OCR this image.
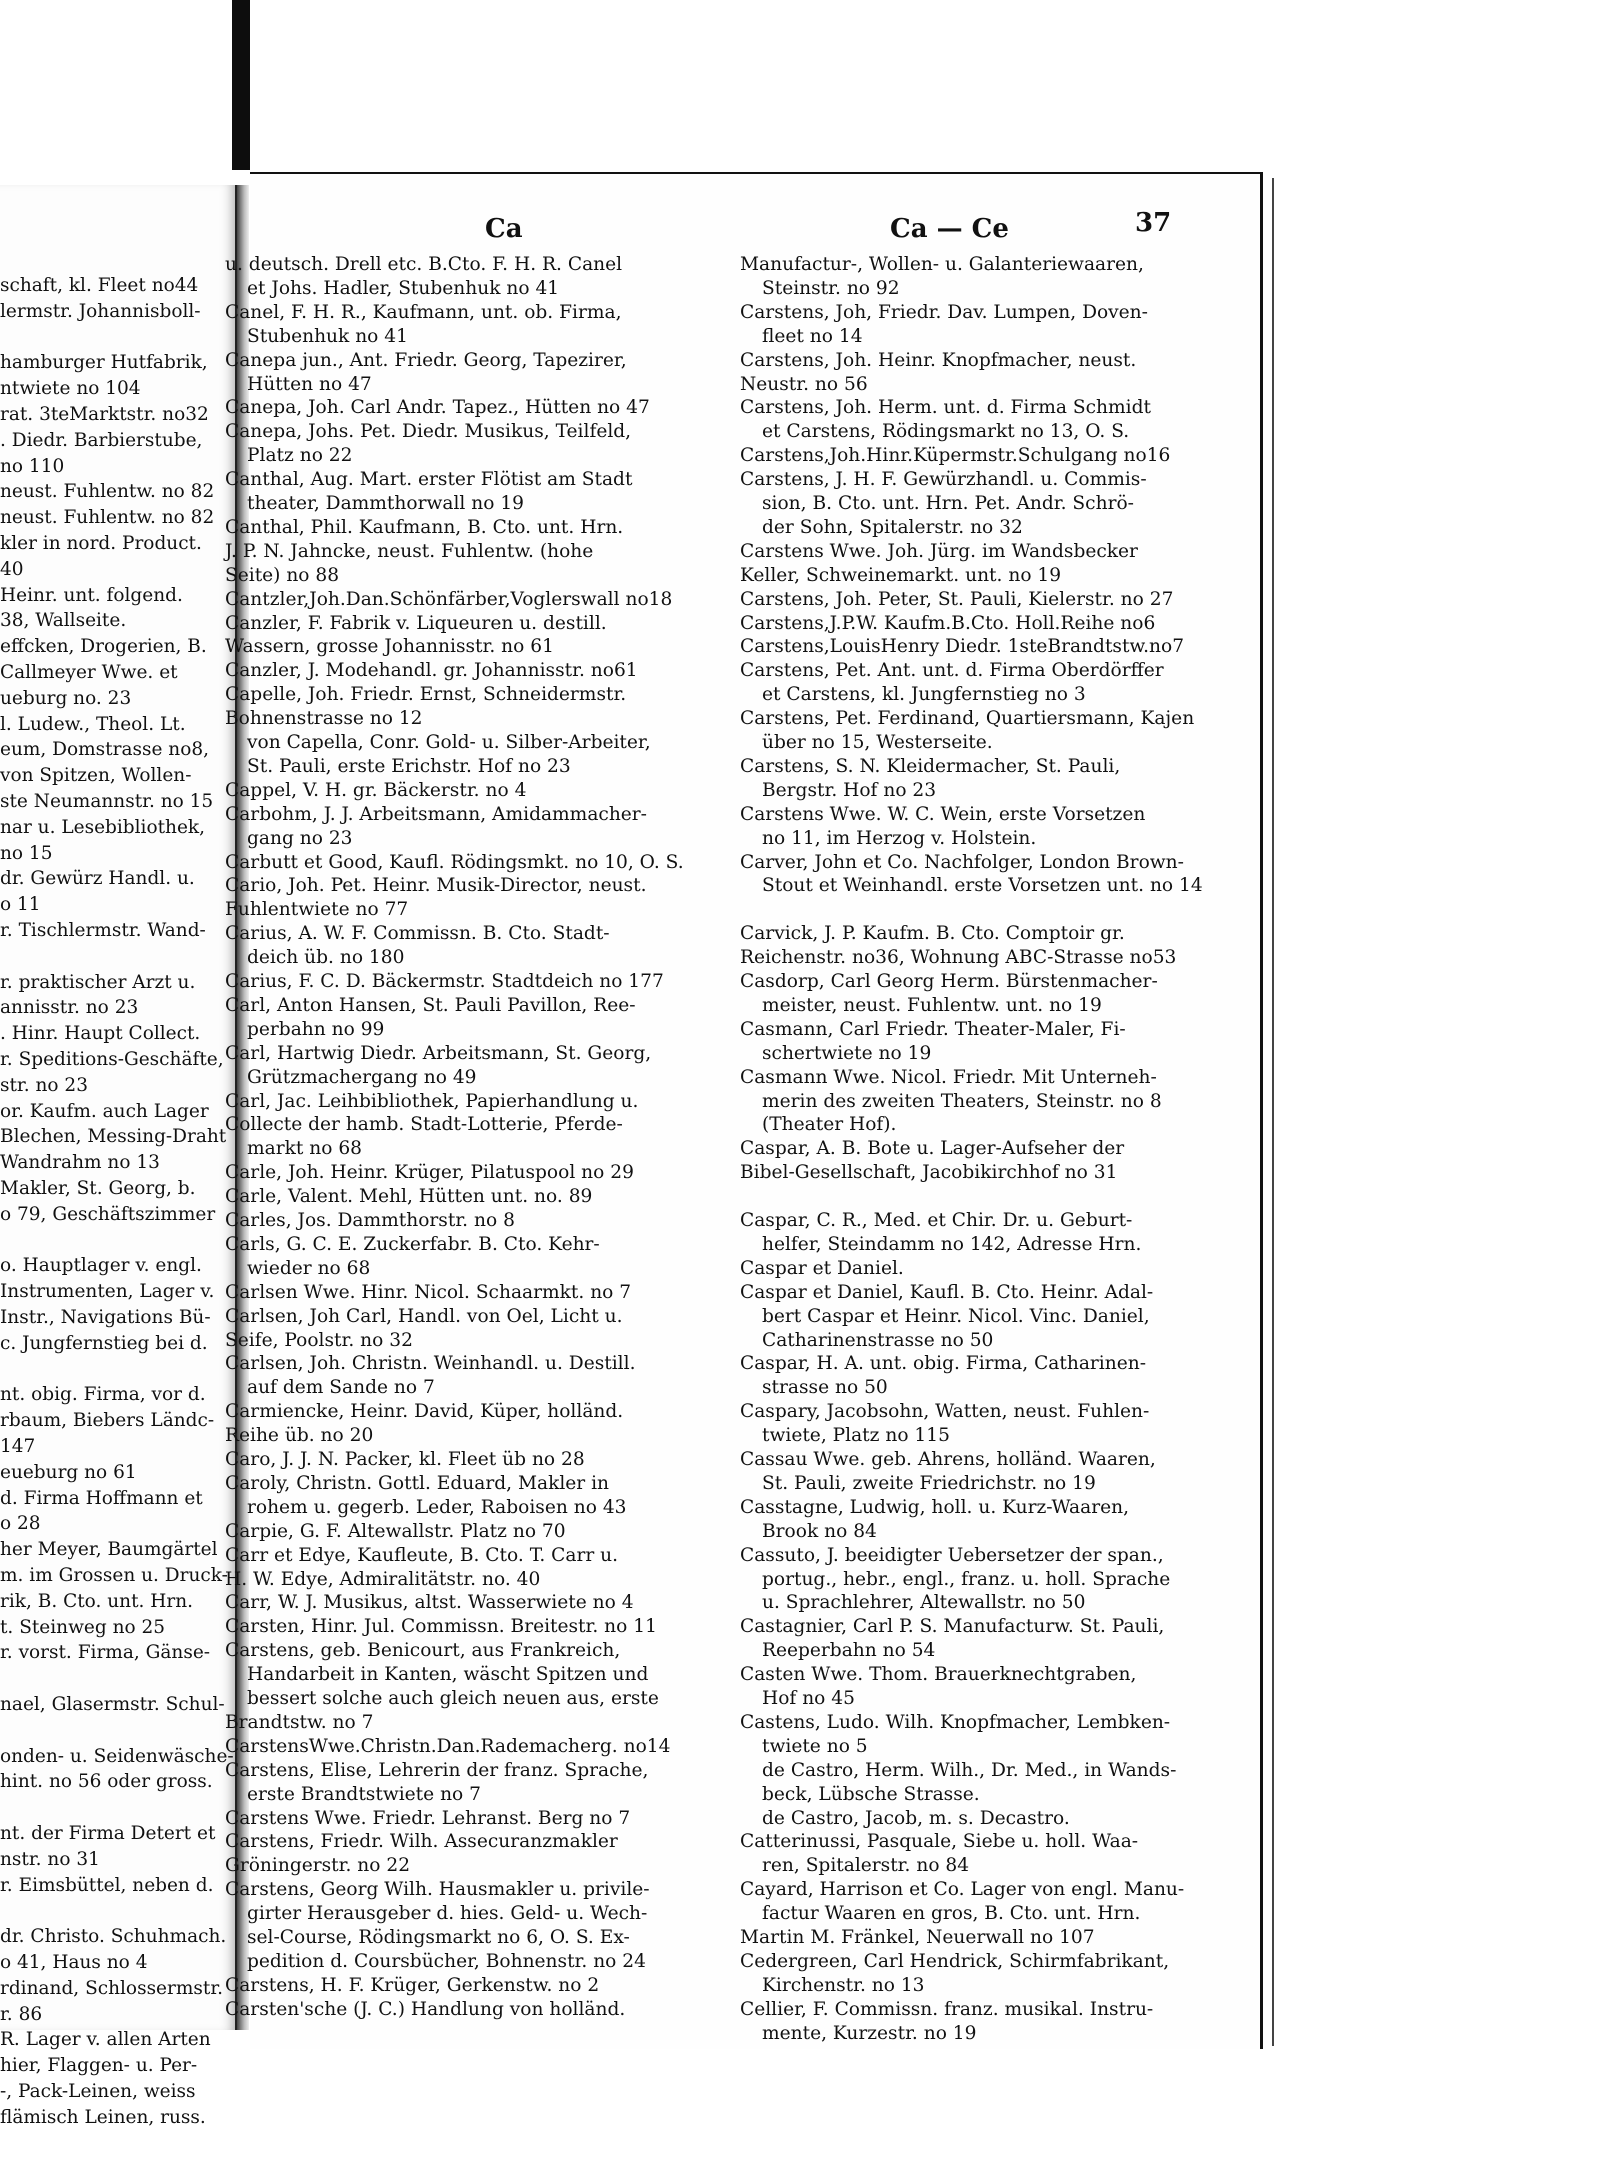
schaft, kl. Fleet no44
lermstr. Johannisboll-
hamburger Hutfabrik,
ntwiete no 104
rat. 3teMarktstr. no32
. Diedr. Barbierstube,
no 110
neust. Fuhlentw. no 82
neust. Fuhlentw. no 82
kler in nord. Product.
40
Heinr. unt. folgend.
38, Wallseite.
effcken, Drogerien, B.
Callmeyer Wwe. et
ueburg no. 23
l. Ludew., Theol. Lt.
eum, Domstrasse no8,
von Spitzen, Wollen-
ste Neumannstr. no 15
nar u. Lesebibliothek,
no 15
dr. Gewürz Handl. u.
o 11
r. Tischlermstr. Wand-
r. praktischer Arzt u.
annisstr. no 23
. Hinr. Haupt Collect.
r. Speditions-Geschäfte,
str. no 23
or. Kaufm. auch Lager
Blechen, Messing-Draht
Wandrahm no 13
Makler, St. Georg, b.
o 79, Geschäftszimmer
o. Hauptlager v. engl.
Instrumenten, Lager v.
Instr., Navigations Bü-
c. Jungfernstieg bei d.
nt. obig. Firma, vor d.
rbaum, Biebers Ländc-
147
eueburg no 61
d. Firma Hoffmann et
o 28
her Meyer, Baumgärtel
m. im Grossen u. Druck-
rik, B. Cto. unt. Hrn.
t. Steinweg no 25
r. vorst. Firma, Gänse-
nael, Glasermstr. Schul-
onden- u. Seidenwäsche-
hint. no 56 oder gross.
nt. der Firma Detert et
nstr. no 31
r. Eimsbüttel, neben d.
dr. Christo. Schuhmach.
o 41, Haus no 4
rdinand, Schlossermstr.
r. 86
R. Lager v. allen Arten
hier, Flaggen- u. Per-
-, Pack-Leinen, weiss
flämisch Leinen, russ.
Ca	Ca — Ce	37
u. deutsch. Drell etc. B.Cto. F. H. R. Canel
et Johs. Hadler, Stubenhuk no 41
Canel, F. H. R., Kaufmann, unt. ob. Firma,
Stubenhuk no 41
Canepa jun., Ant. Friedr. Georg, Tapezirer,
Hütten no 47
Canepa, Joh. Carl Andr. Tapez., Hütten no 47
Canepa, Johs. Pet. Diedr. Musikus, Teilfeld,
Platz no 22
Canthal, Aug. Mart. erster Flötist am Stadt
theater, Dammthorwall no 19
Canthal, Phil. Kaufmann, B. Cto. unt. Hrn.
J. P. N. Jahncke, neust. Fuhlentw. (hohe
Seite) no 88
Cantzler,Joh.Dan.Schönfärber,Voglerswall no18
Canzler, F. Fabrik v. Liqueuren u. destill.
Wassern, grosse Johannisstr. no 61
Canzler, J. Modehandl. gr. Johannisstr. no61
Capelle, Joh. Friedr. Ernst, Schneidermstr.
Bohnenstrasse no 12
von Capella, Conr. Gold- u. Silber-Arbeiter,
St. Pauli, erste Erichstr. Hof no 23
Cappel, V. H. gr. Bäckerstr. no 4
Carbohm, J. J. Arbeitsmann, Amidammacher-
gang no 23
Carbutt et Good, Kaufl. Rödingsmkt. no 10, O. S.
Cario, Joh. Pet. Heinr. Musik-Director, neust.
Fuhlentwiete no 77
Carius, A. W. F. Commissn. B. Cto. Stadt-
deich üb. no 180
Carius, F. C. D. Bäckermstr. Stadtdeich no 177
Carl, Anton Hansen, St. Pauli Pavillon, Ree-
perbahn no 99
Carl, Hartwig Diedr. Arbeitsmann, St. Georg,
Grützmachergang no 49
Carl, Jac. Leihbibliothek, Papierhandlung u.
Collecte der hamb. Stadt-Lotterie, Pferde-
markt no 68
Carle, Joh. Heinr. Krüger, Pilatuspool no 29
Carle, Valent. Mehl, Hütten unt. no. 89
Carles, Jos. Dammthorstr. no 8
Carls, G. C. E. Zuckerfabr. B. Cto. Kehr-
wieder no 68
Carlsen Wwe. Hinr. Nicol. Schaarmkt. no 7
Carlsen, Joh Carl, Handl. von Oel, Licht u.
Seife, Poolstr. no 32
Carlsen, Joh. Christn. Weinhandl. u. Destill.
auf dem Sande no 7
Carmiencke, Heinr. David, Küper, holländ.
Reihe üb. no 20
Caro, J. J. N. Packer, kl. Fleet üb no 28
Caroly, Christn. Gottl. Eduard, Makler in
rohem u. gegerb. Leder, Raboisen no 43
Carpie, G. F. Altewallstr. Platz no 70
Carr et Edye, Kaufleute, B. Cto. T. Carr u.
H. W. Edye, Admiralitätstr. no. 40
Carr, W. J. Musikus, altst. Wasserwiete no 4
Carsten, Hinr. Jul. Commissn. Breitestr. no 11
Carstens, geb. Benicourt, aus Frankreich,
Handarbeit in Kanten, wäscht Spitzen und
bessert solche auch gleich neuen aus, erste
Brandtstw. no 7
CarstensWwe.Christn.Dan.Rademacherg. no14
Carstens, Elise, Lehrerin der franz. Sprache,
erste Brandtstwiete no 7
Carstens Wwe. Friedr. Lehranst. Berg no 7
Carstens, Friedr. Wilh. Assecuranzmakler
Gröningerstr. no 22
Carstens, Georg Wilh. Hausmakler u. privile-
girter Herausgeber d. hies. Geld- u. Wech-
sel-Course, Rödingsmarkt no 6, O. S. Ex-
pedition d. Coursbücher, Bohnenstr. no 24
Carstens, H. F. Krüger, Gerkenstw. no 2
Carsten'sche (J. C.) Handlung von holländ.
Manufactur-, Wollen- u. Galanteriewaaren,
Steinstr. no 92
Carstens, Joh, Friedr. Dav. Lumpen, Doven-
fleet no 14
Carstens, Joh. Heinr. Knopfmacher, neust.
Neustr. no 56
Carstens, Joh. Herm. unt. d. Firma Schmidt
et Carstens, Rödingsmarkt no 13, O. S.
Carstens,Joh.Hinr.Küpermstr.Schulgang no16
Carstens, J. H. F. Gewürzhandl. u. Commis-
sion, B. Cto. unt. Hrn. Pet. Andr. Schrö-
der Sohn, Spitalerstr. no 32
Carstens Wwe. Joh. Jürg. im Wandsbecker
Keller, Schweinemarkt. unt. no 19
Carstens, Joh. Peter, St. Pauli, Kielerstr. no 27
Carstens,J.P.W. Kaufm.B.Cto. Holl.Reihe no6
Carstens,LouisHenry Diedr. 1steBrandtstw.no7
Carstens, Pet. Ant. unt. d. Firma Oberdörffer
et Carstens, kl. Jungfernstieg no 3
Carstens, Pet. Ferdinand, Quartiersmann, Kajen
über no 15, Westerseite.
Carstens, S. N. Kleidermacher, St. Pauli,
Bergstr. Hof no 23
Carstens Wwe. W. C. Wein, erste Vorsetzen
no 11, im Herzog v. Holstein.
Carver, John et Co. Nachfolger, London Brown-
Stout et Weinhandl. erste Vorsetzen unt. no 14
Carvick, J. P. Kaufm. B. Cto. Comptoir gr.
Reichenstr. no36, Wohnung ABC-Strasse no53
Casdorp, Carl Georg Herm. Bürstenmacher-
meister, neust. Fuhlentw. unt. no 19
Casmann, Carl Friedr. Theater-Maler, Fi-
schertwiete no 19
Casmann Wwe. Nicol. Friedr. Mit Unterneh-
merin des zweiten Theaters, Steinstr. no 8
(Theater Hof).
Caspar, A. B. Bote u. Lager-Aufseher der
Bibel-Gesellschaft, Jacobikirchhof no 31
Caspar, C. R., Med. et Chir. Dr. u. Geburt-
helfer, Steindamm no 142, Adresse Hrn.
Caspar et Daniel.
Caspar et Daniel, Kaufl. B. Cto. Heinr. Adal-
bert Caspar et Heinr. Nicol. Vinc. Daniel,
Catharinenstrasse no 50
Caspar, H. A. unt. obig. Firma, Catharinen-
strasse no 50
Caspary, Jacobsohn, Watten, neust. Fuhlen-
twiete, Platz no 115
Cassau Wwe. geb. Ahrens, holländ. Waaren,
St. Pauli, zweite Friedrichstr. no 19
Casstagne, Ludwig, holl. u. Kurz-Waaren,
Brook no 84
Cassuto, J. beeidigter Uebersetzer der span.,
portug., hebr., engl., franz. u. holl. Sprache
u. Sprachlehrer, Altewallstr. no 50
Castagnier, Carl P. S. Manufacturw. St. Pauli,
Reeperbahn no 54
Casten Wwe. Thom. Brauerknechtgraben,
Hof no 45
Castens, Ludo. Wilh. Knopfmacher, Lembken-
twiete no 5
de Castro, Herm. Wilh., Dr. Med., in Wands-
beck, Lübsche Strasse.
de Castro, Jacob, m. s. Decastro.
Catterinussi, Pasquale, Siebe u. holl. Waa-
ren, Spitalerstr. no 84
Cayard, Harrison et Co. Lager von engl. Manu-
factur Waaren en gros, B. Cto. unt. Hrn.
Martin M. Fränkel, Neuerwall no 107
Cedergreen, Carl Hendrick, Schirmfabrikant,
Kirchenstr. no 13
Cellier, F. Commissn. franz. musikal. Instru-
mente, Kurzestr. no 19
